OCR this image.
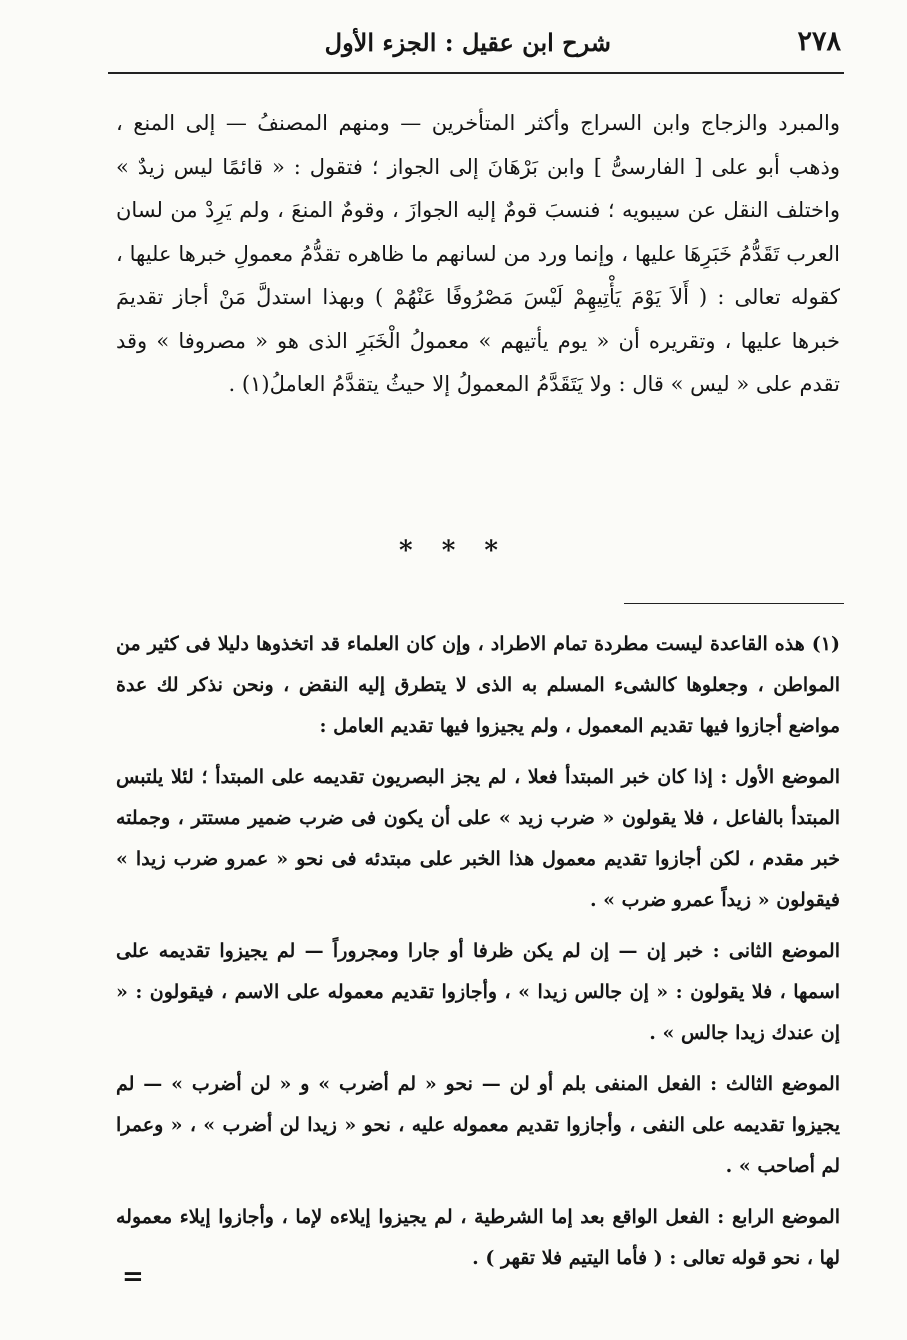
٢٧٨
شرح ابن عقيل : الجزء الأول

والمبرد والزجاج وابن السراج وأكثر المتأخرين — ومنهم المصنفُ — إلى المنع ، وذهب أبو على [ الفارسىُّ ] وابن بَرْهَانَ إلى الجواز ؛ فتقول : « قائمًا ليس زيدٌ » واختلف النقل عن سيبويه ؛ فنسبَ قومٌ إليه الجوازَ ، وقومٌ المنعَ ، ولم يَرِدْ من لسان العرب تَقَدُّمُ خَبَرِهَا عليها ، وإنما ورد من لسانهم ما ظاهره تقدُّمُ معمولِ خبرها عليها ، كقوله تعالى : ( أَلاَ يَوْمَ يَأْتِيهِمْ لَيْسَ مَصْرُوفًا عَنْهُمْ ) وبهذا استدلَّ مَنْ أجاز تقديمَ خبرها عليها ، وتقريره أن « يوم يأتيهم » معمولُ الْخَبَرِ الذى هو « مصروفا » وقد تقدم على « ليس » قال : ولا يَتَقَدَّمُ المعمولُ إلا حيثُ يتقدَّمُ العاملُ(١) .

* * *

(١) هذه القاعدة ليست مطردة تمام الاطراد ، وإن كان العلماء قد اتخذوها دليلا فى كثير من المواطن ، وجعلوها كالشىء المسلم به الذى لا يتطرق إليه النقض ، ونحن نذكر لك عدة مواضع أجازوا فيها تقديم المعمول ، ولم يجيزوا فيها تقديم العامل :

الموضع الأول : إذا كان خبر المبتدأ فعلا ، لم يجز البصريون تقديمه على المبتدأ ؛ لئلا يلتبس المبتدأ بالفاعل ، فلا يقولون « ضرب زيد » على أن يكون فى ضرب ضمير مستتر ، وجملته خبر مقدم ، لكن أجازوا تقديم معمول هذا الخبر على مبتدئه فى نحو « عمرو ضرب زيدا » فيقولون « زيداً عمرو ضرب » .

الموضع الثانى : خبر إن — إن لم يكن ظرفا أو جارا ومجروراً — لم يجيزوا تقديمه على اسمها ، فلا يقولون : « إن جالس زيدا » ، وأجازوا تقديم معموله على الاسم ، فيقولون : « إن عندك زيدا جالس » .

الموضع الثالث : الفعل المنفى بلم أو لن — نحو « لم أضرب » و « لن أضرب » — لم يجيزوا تقديمه على النفى ، وأجازوا تقديم معموله عليه ، نحو « زيدا لن أضرب » ، « وعمرا لم أصاحب » .

الموضع الرابع : الفعل الواقع بعد إما الشرطية ، لم يجيزوا إيلاءه لإما ، وأجازوا إيلاء معموله لها ، نحو قوله تعالى : ( فأما اليتيم فلا تقهر ) .

=
